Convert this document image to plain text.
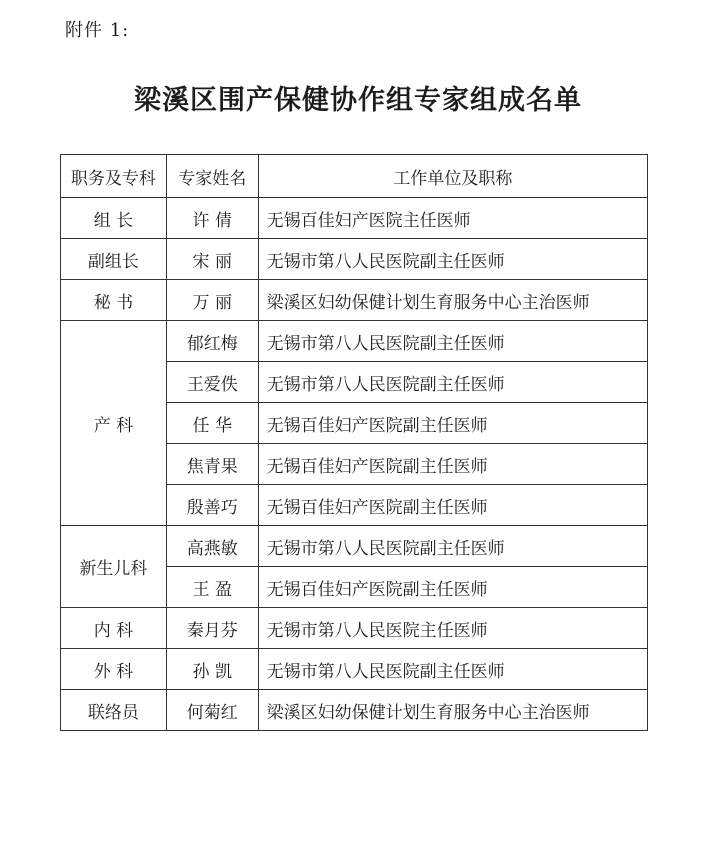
附件 1:
梁溪区围产保健协作组专家组成名单
职务及专科	专家姓名	工作单位及职称
组 长	许 倩	无锡百佳妇产医院主任医师
副组长	宋 丽	无锡市第八人民医院副主任医师
秘 书	万 丽	梁溪区妇幼保健计划生育服务中心主治医师
产 科	郁红梅	无锡市第八人民医院副主任医师
	王爱佚	无锡市第八人民医院副主任医师
	任 华	无锡百佳妇产医院副主任医师
	焦青果	无锡百佳妇产医院副主任医师
	殷善巧	无锡百佳妇产医院副主任医师
新生儿科	高燕敏	无锡市第八人民医院副主任医师
	王 盈	无锡百佳妇产医院副主任医师
内 科	秦月芬	无锡市第八人民医院主任医师
外 科	孙 凯	无锡市第八人民医院副主任医师
联络员	何菊红	梁溪区妇幼保健计划生育服务中心主治医师
